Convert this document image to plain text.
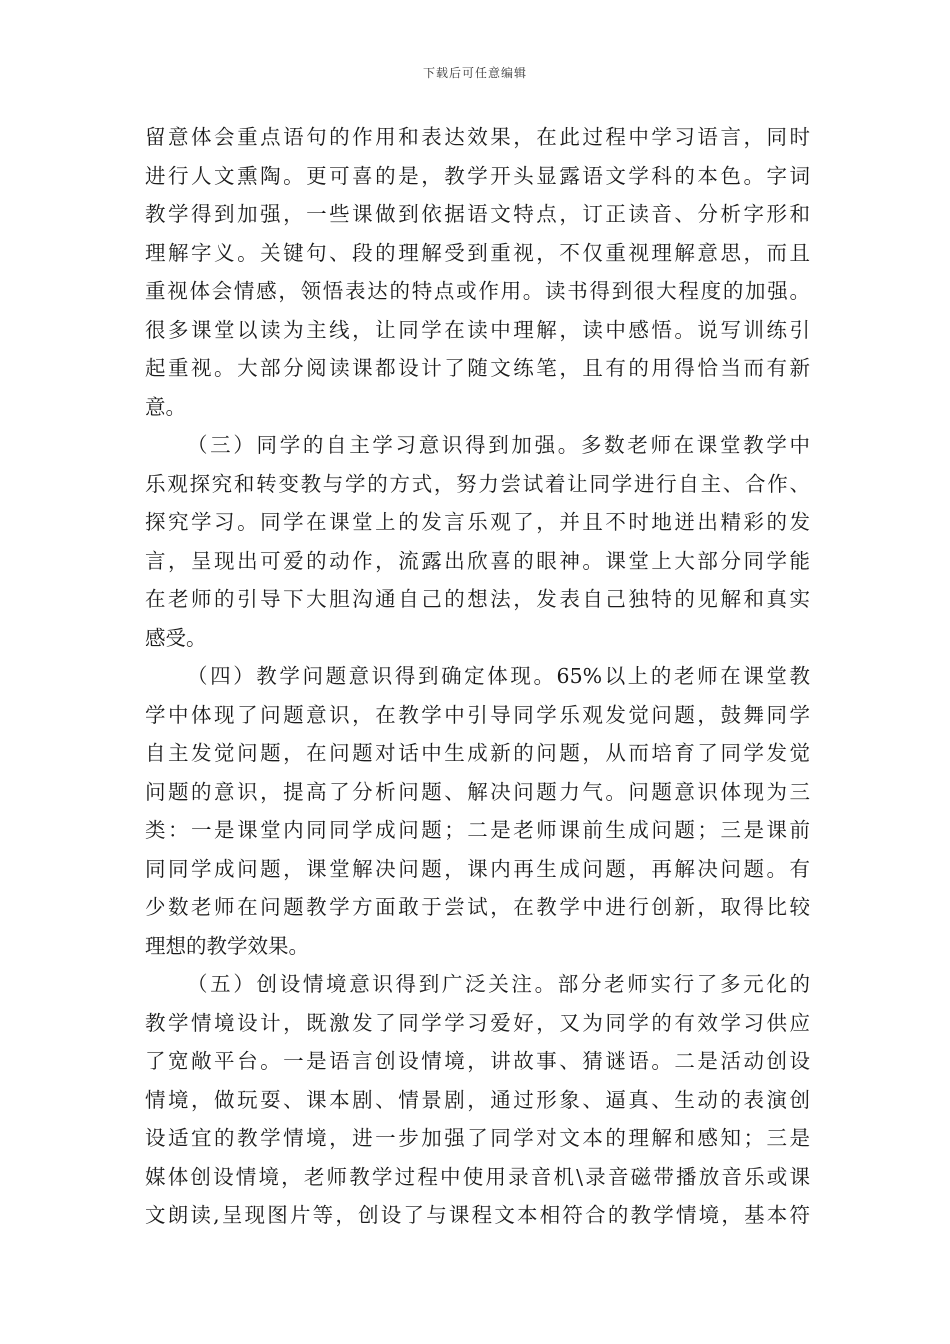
下载后可任意编辑
留意体会重点语句的作用和表达效果，在此过程中学习语言，同时
进行人文熏陶。更可喜的是，教学开头显露语文学科的本色。字词
教学得到加强，一些课做到依据语文特点，订正读音、分析字形和
理解字义。关键句、段的理解受到重视，不仅重视理解意思，而且
重视体会情感，领悟表达的特点或作用。读书得到很大程度的加强。
很多课堂以读为主线，让同学在读中理解，读中感悟。说写训练引
起重视。大部分阅读课都设计了随文练笔，且有的用得恰当而有新
意。
（三）同学的自主学习意识得到加强。多数老师在课堂教学中
乐观探究和转变教与学的方式，努力尝试着让同学进行自主、合作、
探究学习。同学在课堂上的发言乐观了，并且不时地迸出精彩的发
言，呈现出可爱的动作，流露出欣喜的眼神。课堂上大部分同学能
在老师的引导下大胆沟通自己的想法，发表自己独特的见解和真实
感受。
（四）教学问题意识得到确定体现。65%以上的老师在课堂教
学中体现了问题意识，在教学中引导同学乐观发觉问题，鼓舞同学
自主发觉问题，在问题对话中生成新的问题，从而培育了同学发觉
问题的意识，提高了分析问题、解决问题力气。问题意识体现为三
类：一是课堂内同同学成问题；二是老师课前生成问题；三是课前
同同学成问题，课堂解决问题，课内再生成问题，再解决问题。有
少数老师在问题教学方面敢于尝试，在教学中进行创新，取得比较
理想的教学效果。
（五）创设情境意识得到广泛关注。部分老师实行了多元化的
教学情境设计，既激发了同学学习爱好，又为同学的有效学习供应
了宽敞平台。一是语言创设情境，讲故事、猜谜语。二是活动创设
情境，做玩耍、课本剧、情景剧，通过形象、逼真、生动的表演创
设适宜的教学情境，进一步加强了同学对文本的理解和感知；三是
媒体创设情境，老师教学过程中使用录音机\录音磁带播放音乐或课
文朗读,呈现图片等，创设了与课程文本相符合的教学情境，基本符
